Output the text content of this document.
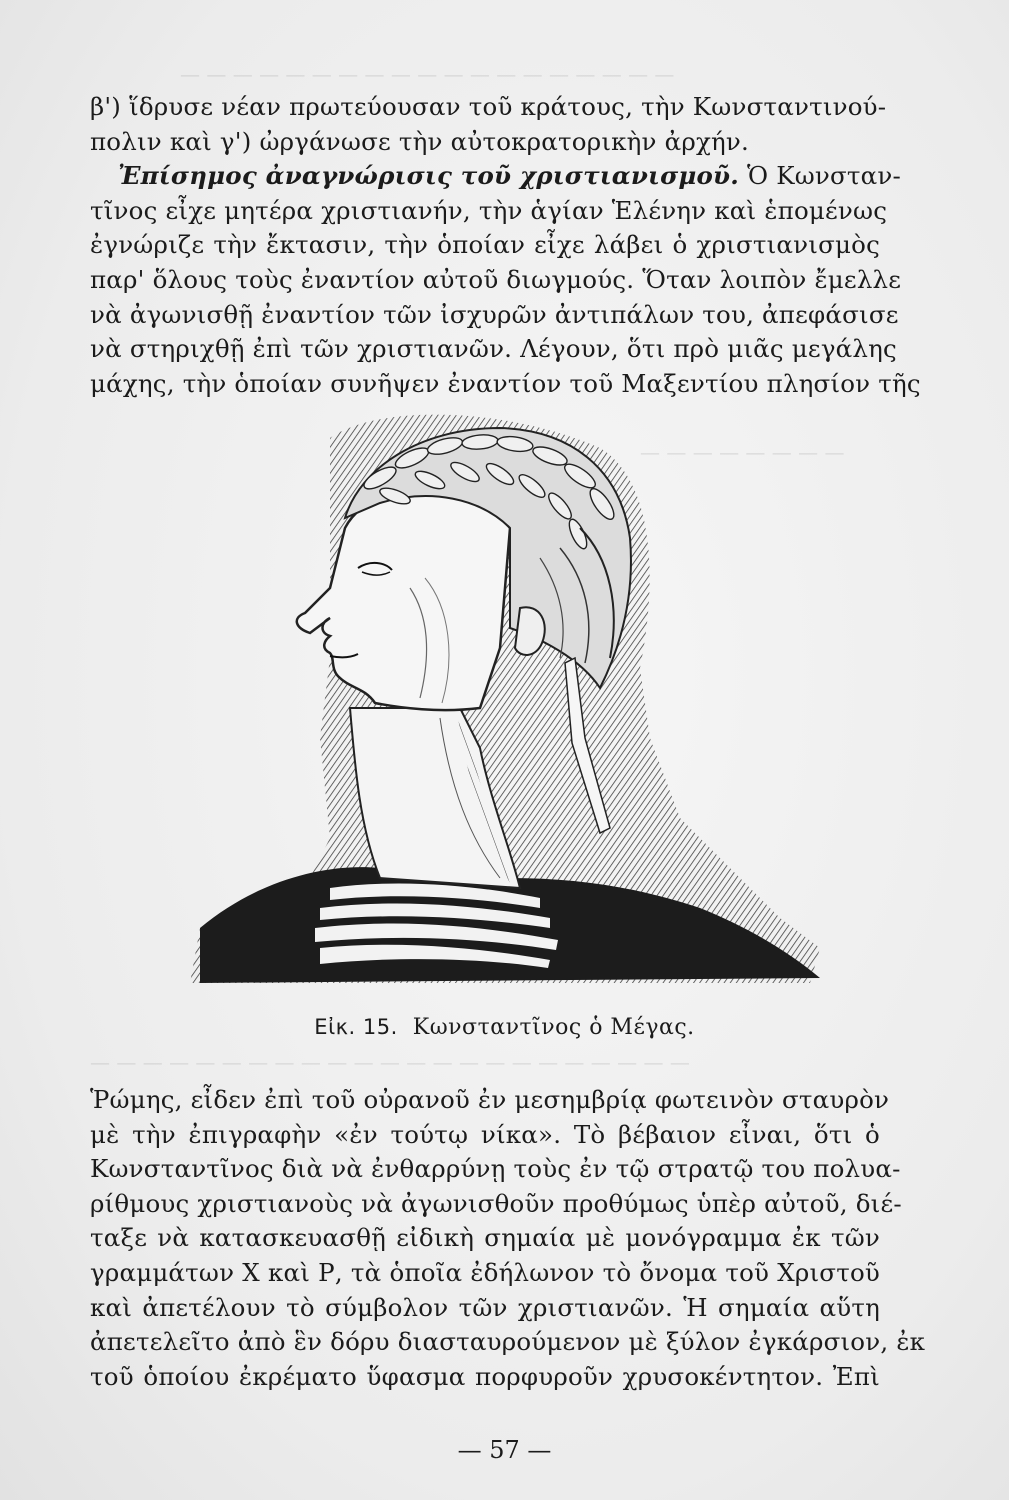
— — — — — — — — — — — — — — — — — — —
— — — — — — — —
— — — — — — — — — — — — — — — — — — — — — — —
β') ἵδρυσε νέαν πρωτεύουσαν τοῦ κράτους, τὴν Κωνσταντινού-
πολιν καὶ γ') ὠργάνωσε τὴν αὐτοκρατορικὴν ἀρχήν.
Ἐπίσημος ἀναγνώρισις τοῦ χριστιανισμοῦ. Ὁ Κωνσταν-
τῖνος εἶχε μητέρα χριστιανήν, τὴν ἁγίαν Ἑλένην καὶ ἑπομένως
ἐγνώριζε τὴν ἔκτασιν, τὴν ὁποίαν εἶχε λάβει ὁ χριστιανισμὸς
παρ' ὅλους τοὺς ἐναντίον αὐτοῦ διωγμούς. Ὅταν λοιπὸν ἔμελλε
νὰ ἀγωνισθῇ ἐναντίον τῶν ἰσχυρῶν ἀντιπάλων του, ἀπεφάσισε
νὰ στηριχθῇ ἐπὶ τῶν χριστιανῶν. Λέγουν, ὅτι πρὸ μιᾶς μεγάλης
μάχης, τὴν ὁποίαν συνῆψεν ἐναντίον τοῦ Μαξεντίου πλησίον τῆς
Εἰκ. 15. Κωνσταντῖνος ὁ Μέγας.
Ῥώμης, εἶδεν ἐπὶ τοῦ οὐρανοῦ ἐν μεσημβρίᾳ φωτεινὸν σταυρὸν
μὲ τὴν ἐπιγραφὴν «ἐν τούτῳ νίκα». Τὸ βέβαιον εἶναι, ὅτι ὁ
Κωνσταντῖνος διὰ νὰ ἐνθαρρύνῃ τοὺς ἐν τῷ στρατῷ του πολυα-
ρίθμους χριστιανοὺς νὰ ἀγωνισθοῦν προθύμως ὑπὲρ αὐτοῦ, διέ-
ταξε νὰ κατασκευασθῇ εἰδικὴ σημαία μὲ μονόγραμμα ἐκ τῶν
γραμμάτων Χ καὶ Ρ, τὰ ὁποῖα ἐδήλωνον τὸ ὄνομα τοῦ Χριστοῦ
καὶ ἀπετέλουν τὸ σύμβολον τῶν χριστιανῶν. Ἡ σημαία αὕτη
ἀπετελεῖτο ἀπὸ ἓν δόρυ διασταυρούμενον μὲ ξύλον ἐγκάρσιον, ἐκ
τοῦ ὁποίου ἐκρέματο ὕφασμα πορφυροῦν χρυσοκέντητον. Ἐπὶ
— 57 —
